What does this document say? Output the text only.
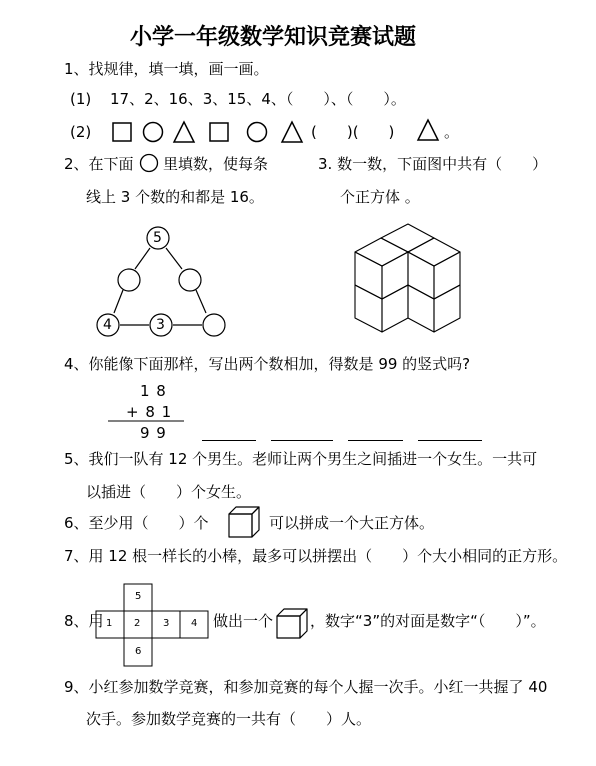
小学一年级数学知识竞赛试题
1、找规律，填一填，画一画。
(1) 17、2、16、3、15、4、（　　）、（　　）。
(2)	(　　)(　　)	。
2、在下面 里填数，使每条
线上 3 个数的和都是 16。
5
4	3
3. 数一数，下面图中共有（　　）
个正方体 。
4、你能像下面那样，写出两个数相加，得数是 99 的竖式吗?
1 8
+ 8 1
9 9
5、我们一队有 12 个男生。老师让两个男生之间插进一个女生。一共可
以插进（　　）个女生。
6、至少用（　　）个	可以拼成一个大正方体。
7、用 12 根一样长的小棒，最多可以拼摆出（　　）个大小相同的正方形。
8、用
5
1 2 3 4
6
做出一个 ，数字“3”的对面是数字“（　　）”。
9、小红参加数学竞赛，和参加竞赛的每个人握一次手。小红一共握了 40
次手。参加数学竞赛的一共有（　　）人。
